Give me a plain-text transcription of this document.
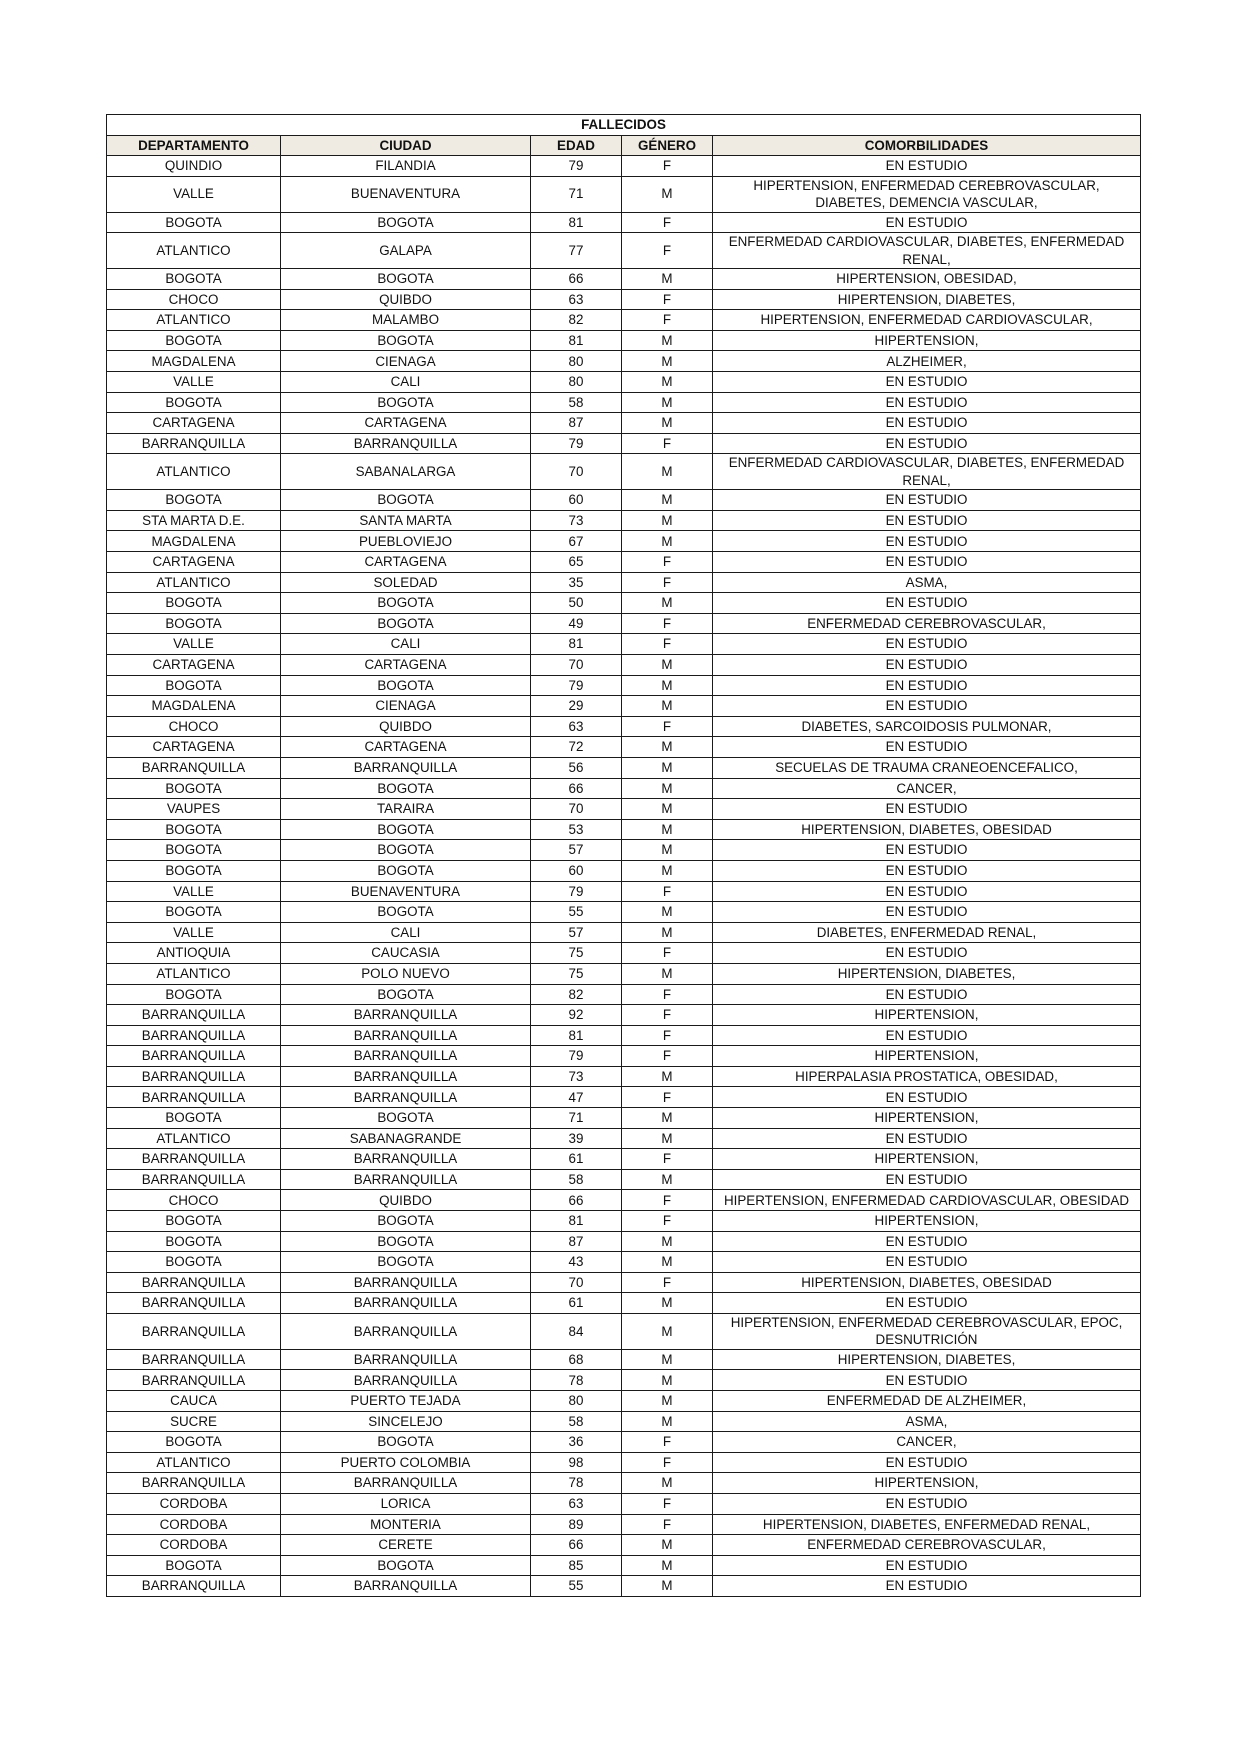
FALLECIDOS				
DEPARTAMENTO	CIUDAD	EDAD	GÉNERO	COMORBILIDADES
QUINDIO	FILANDIA	79	F	EN ESTUDIO
VALLE	BUENAVENTURA	71	M	HIPERTENSION, ENFERMEDAD CEREBROVASCULAR, DIABETES, DEMENCIA VASCULAR,
BOGOTA	BOGOTA	81	F	EN ESTUDIO
ATLANTICO	GALAPA	77	F	ENFERMEDAD CARDIOVASCULAR, DIABETES, ENFERMEDAD RENAL,
BOGOTA	BOGOTA	66	M	HIPERTENSION, OBESIDAD,
CHOCO	QUIBDO	63	F	HIPERTENSION, DIABETES,
ATLANTICO	MALAMBO	82	F	HIPERTENSION, ENFERMEDAD CARDIOVASCULAR,
BOGOTA	BOGOTA	81	M	HIPERTENSION,
MAGDALENA	CIENAGA	80	M	ALZHEIMER,
VALLE	CALI	80	M	EN ESTUDIO
BOGOTA	BOGOTA	58	M	EN ESTUDIO
CARTAGENA	CARTAGENA	87	M	EN ESTUDIO
BARRANQUILLA	BARRANQUILLA	79	F	EN ESTUDIO
ATLANTICO	SABANALARGA	70	M	ENFERMEDAD CARDIOVASCULAR, DIABETES, ENFERMEDAD RENAL,
BOGOTA	BOGOTA	60	M	EN ESTUDIO
STA MARTA D.E.	SANTA MARTA	73	M	EN ESTUDIO
MAGDALENA	PUEBLOVIEJO	67	M	EN ESTUDIO
CARTAGENA	CARTAGENA	65	F	EN ESTUDIO
ATLANTICO	SOLEDAD	35	F	ASMA,
BOGOTA	BOGOTA	50	M	EN ESTUDIO
BOGOTA	BOGOTA	49	F	ENFERMEDAD CEREBROVASCULAR,
VALLE	CALI	81	F	EN ESTUDIO
CARTAGENA	CARTAGENA	70	M	EN ESTUDIO
BOGOTA	BOGOTA	79	M	EN ESTUDIO
MAGDALENA	CIENAGA	29	M	EN ESTUDIO
CHOCO	QUIBDO	63	F	DIABETES, SARCOIDOSIS PULMONAR,
CARTAGENA	CARTAGENA	72	M	EN ESTUDIO
BARRANQUILLA	BARRANQUILLA	56	M	SECUELAS DE TRAUMA CRANEOENCEFALICO,
BOGOTA	BOGOTA	66	M	CANCER,
VAUPES	TARAIRA	70	M	EN ESTUDIO
BOGOTA	BOGOTA	53	M	HIPERTENSION, DIABETES, OBESIDAD
BOGOTA	BOGOTA	57	M	EN ESTUDIO
BOGOTA	BOGOTA	60	M	EN ESTUDIO
VALLE	BUENAVENTURA	79	F	EN ESTUDIO
BOGOTA	BOGOTA	55	M	EN ESTUDIO
VALLE	CALI	57	M	DIABETES, ENFERMEDAD RENAL,
ANTIOQUIA	CAUCASIA	75	F	EN ESTUDIO
ATLANTICO	POLO NUEVO	75	M	HIPERTENSION, DIABETES,
BOGOTA	BOGOTA	82	F	EN ESTUDIO
BARRANQUILLA	BARRANQUILLA	92	F	HIPERTENSION,
BARRANQUILLA	BARRANQUILLA	81	F	EN ESTUDIO
BARRANQUILLA	BARRANQUILLA	79	F	HIPERTENSION,
BARRANQUILLA	BARRANQUILLA	73	M	HIPERPALASIA PROSTATICA, OBESIDAD,
BARRANQUILLA	BARRANQUILLA	47	F	EN ESTUDIO
BOGOTA	BOGOTA	71	M	HIPERTENSION,
ATLANTICO	SABANAGRANDE	39	M	EN ESTUDIO
BARRANQUILLA	BARRANQUILLA	61	F	HIPERTENSION,
BARRANQUILLA	BARRANQUILLA	58	M	EN ESTUDIO
CHOCO	QUIBDO	66	F	HIPERTENSION, ENFERMEDAD CARDIOVASCULAR, OBESIDAD
BOGOTA	BOGOTA	81	F	HIPERTENSION,
BOGOTA	BOGOTA	87	M	EN ESTUDIO
BOGOTA	BOGOTA	43	M	EN ESTUDIO
BARRANQUILLA	BARRANQUILLA	70	F	HIPERTENSION, DIABETES, OBESIDAD
BARRANQUILLA	BARRANQUILLA	61	M	EN ESTUDIO
BARRANQUILLA	BARRANQUILLA	84	M	HIPERTENSION, ENFERMEDAD CEREBROVASCULAR, EPOC, DESNUTRICIÓN
BARRANQUILLA	BARRANQUILLA	68	M	HIPERTENSION, DIABETES,
BARRANQUILLA	BARRANQUILLA	78	M	EN ESTUDIO
CAUCA	PUERTO TEJADA	80	M	ENFERMEDAD DE ALZHEIMER,
SUCRE	SINCELEJO	58	M	ASMA,
BOGOTA	BOGOTA	36	F	CANCER,
ATLANTICO	PUERTO COLOMBIA	98	F	EN ESTUDIO
BARRANQUILLA	BARRANQUILLA	78	M	HIPERTENSION,
CORDOBA	LORICA	63	F	EN ESTUDIO
CORDOBA	MONTERIA	89	F	HIPERTENSION, DIABETES, ENFERMEDAD RENAL,
CORDOBA	CERETE	66	M	ENFERMEDAD CEREBROVASCULAR,
BOGOTA	BOGOTA	85	M	EN ESTUDIO
BARRANQUILLA	BARRANQUILLA	55	M	EN ESTUDIO
